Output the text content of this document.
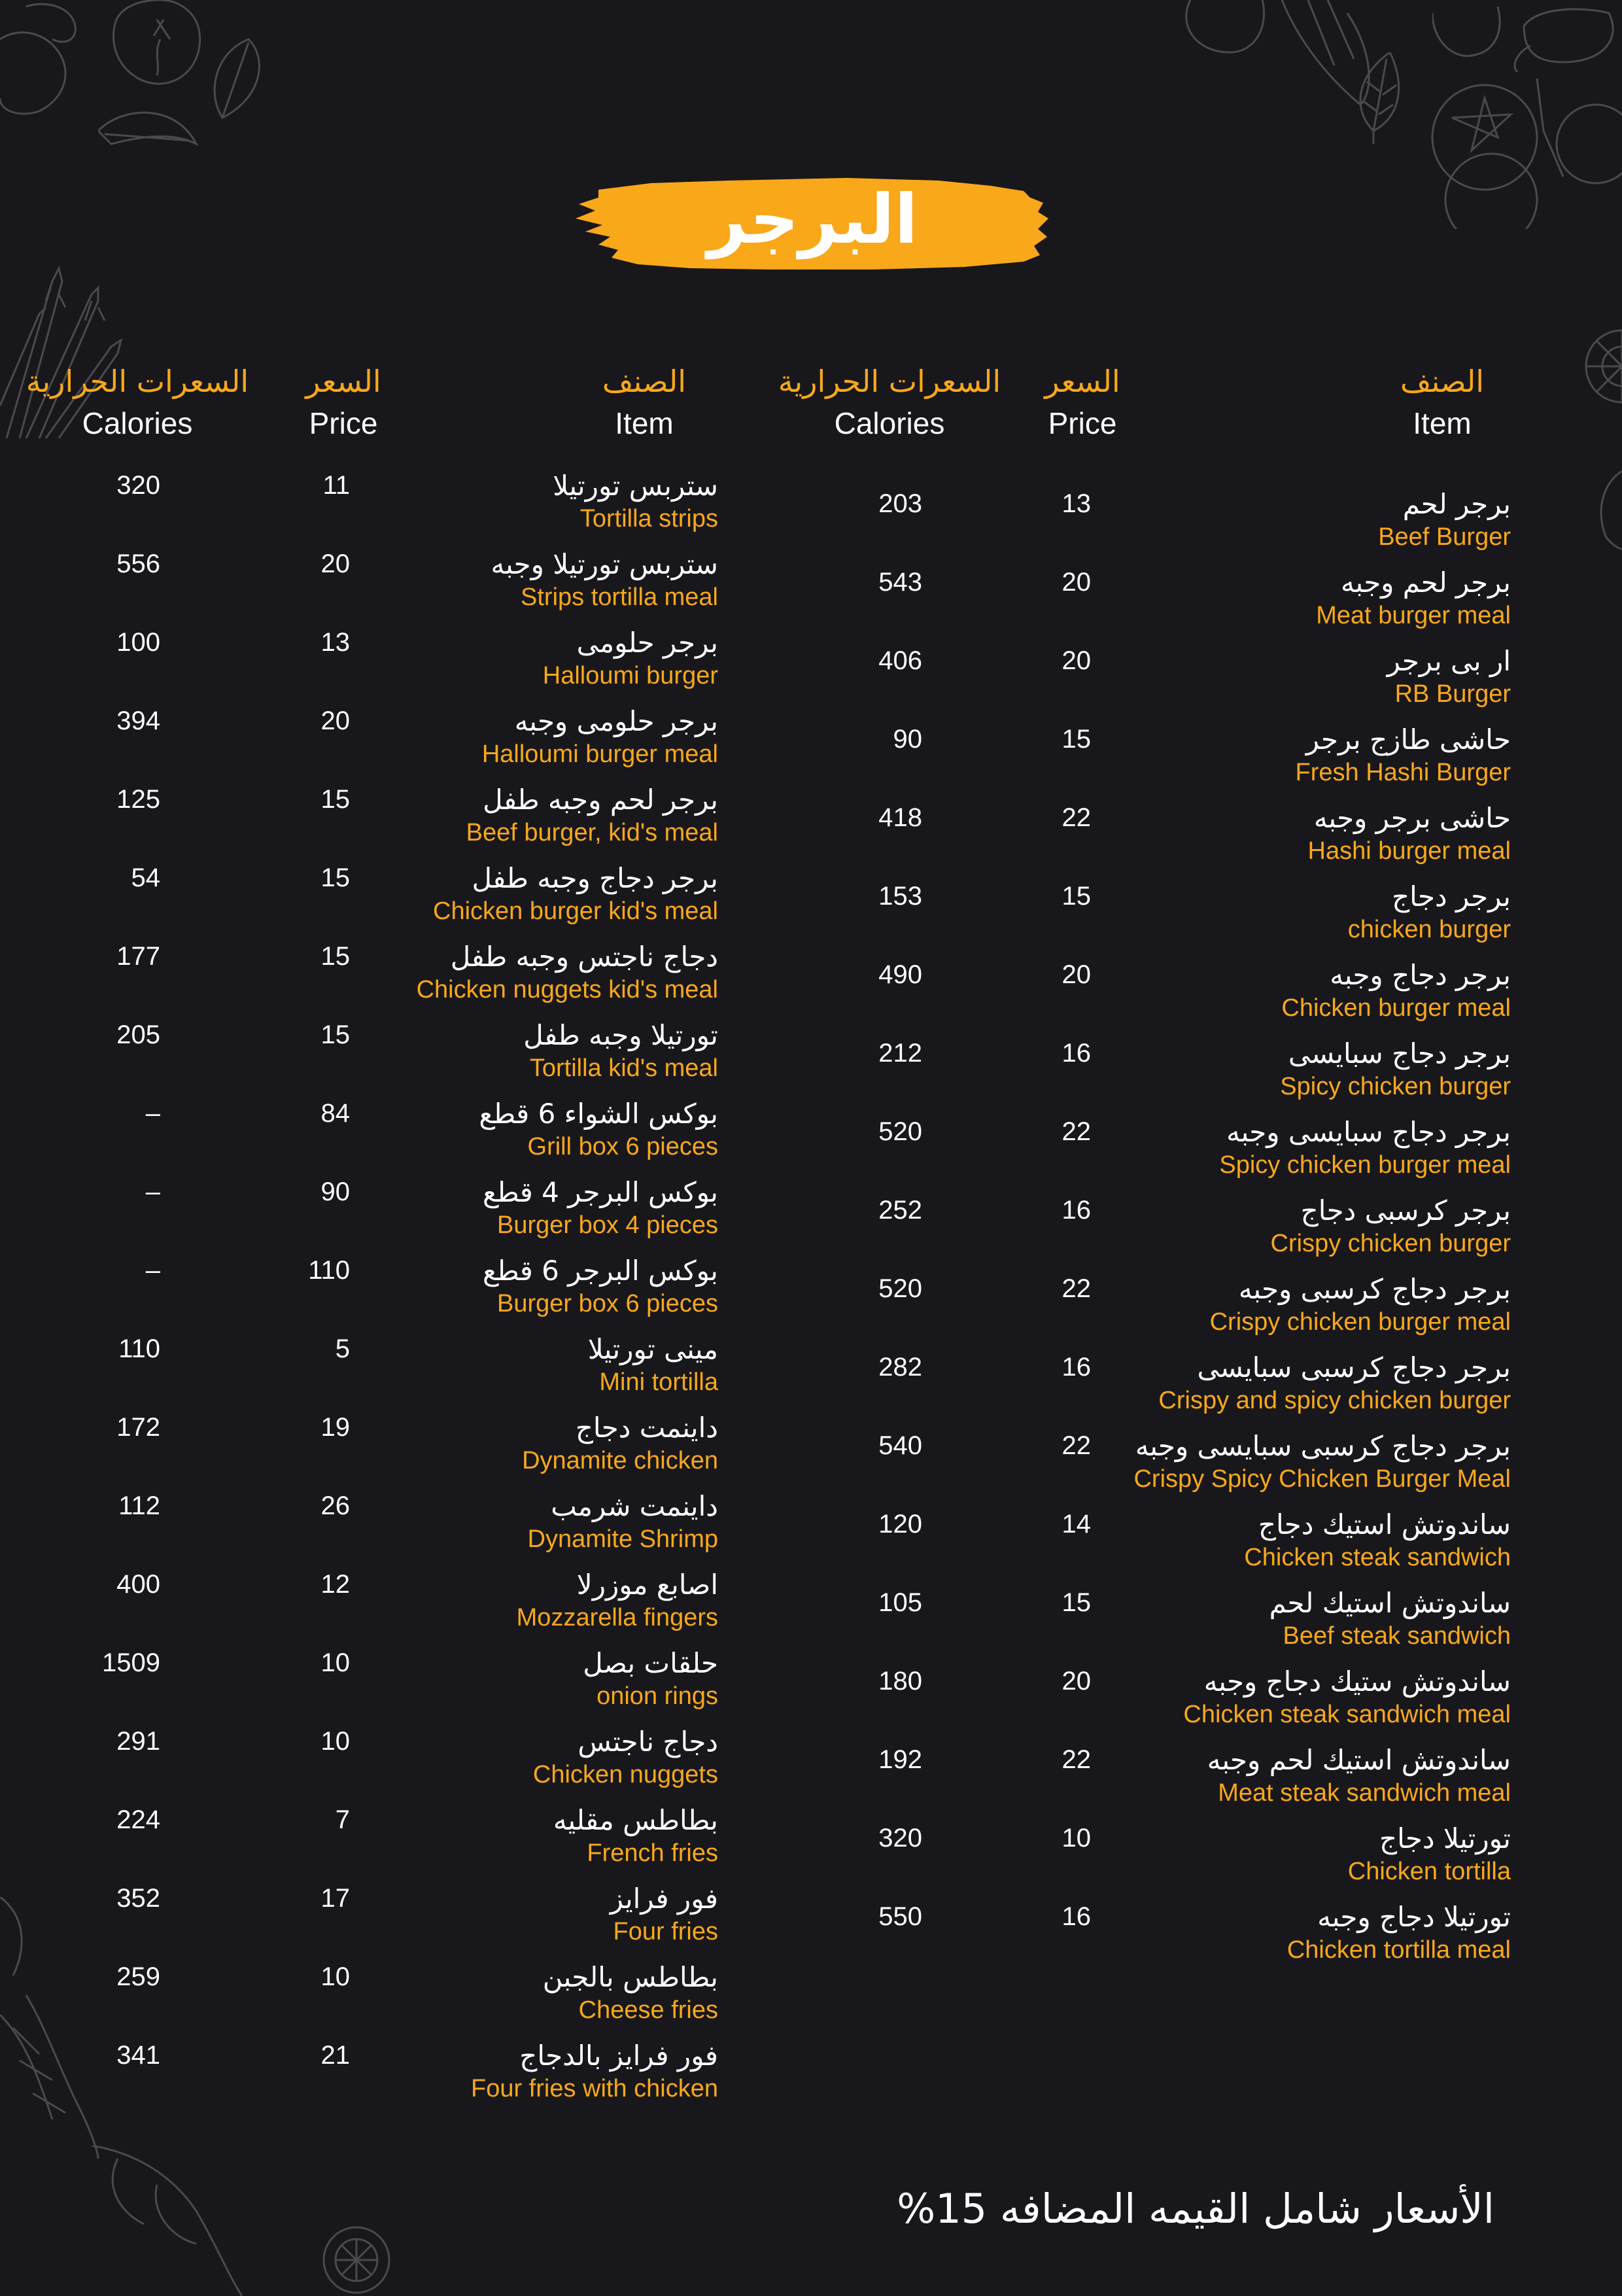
البرجر
الصنف
Item
السعر
Price
السعرات الحرارية
Calories
الصنف
Item
السعر
Price
السعرات الحرارية
Calories
برجر لحم
Beef Burger
13
203
برجر لحم وجبه
Meat burger meal
20
543
ار بى برجر
RB Burger
20
406
حاشى طازج برجر
Fresh Hashi Burger
15
90
حاشى برجر وجبه
Hashi burger meal
22
418
برجر دجاج
chicken burger
15
153
برجر دجاج وجبه
Chicken burger meal
20
490
برجر دجاج سبايسى
Spicy chicken burger
16
212
برجر دجاج سبايسى وجبه
Spicy chicken burger meal
22
520
برجر كرسبى دجاج
Crispy chicken burger
16
252
برجر دجاج كرسبى وجبه
Crispy chicken burger meal
22
520
برجر دجاج كرسبى سبايسى
Crispy and spicy chicken burger
16
282
برجر دجاج كرسبى سبايسى وجبه
Crispy Spicy Chicken Burger Meal
22
540
ساندوتش استيك دجاج
Chicken steak sandwich
14
120
ساندوتش استيك لحم
Beef steak sandwich
15
105
ساندوتش ستيك دجاج وجبه
Chicken steak sandwich meal
20
180
ساندوتش استيك لحم وجبه
Meat steak sandwich meal
22
192
تورتيلا دجاج
Chicken tortilla
10
320
تورتيلا دجاج وجبه
Chicken tortilla meal
16
550
ستربس تورتيلا
Tortilla strips
11
320
ستربس تورتيلا وجبه
Strips tortilla meal
20
556
برجر حلومى
Halloumi burger
13
100
برجر حلومى وجبه
Halloumi burger meal
20
394
برجر لحم وجبه طفل
Beef burger, kid's meal
15
125
برجر دجاج وجبه طفل
Chicken burger kid's meal
15
54
دجاج ناجتس وجبه طفل
Chicken nuggets kid's meal
15
177
تورتيلا وجبه طفل
Tortilla kid's meal
15
205
بوكس الشواء 6 قطع
Grill box 6 pieces
84
–
بوكس البرجر 4 قطع
Burger box 4 pieces
90
–
بوكس البرجر 6 قطع
Burger box 6 pieces
110
–
مينى تورتيلا
Mini tortilla
5
110
داينمت دجاج
Dynamite chicken
19
172
داينمت شرمب
Dynamite Shrimp
26
112
اصابع موزرلا
Mozzarella fingers
12
400
حلقات بصل
onion rings
10
1509
دجاج ناجتس
Chicken nuggets
10
291
بطاطس مقليه
French fries
7
224
فور فرايز
Four fries
17
352
بطاطس بالجبن
Cheese fries
10
259
فور فرايز بالدجاج
Four fries with chicken
21
341
الأسعار شامل القيمه المضافه 15%
